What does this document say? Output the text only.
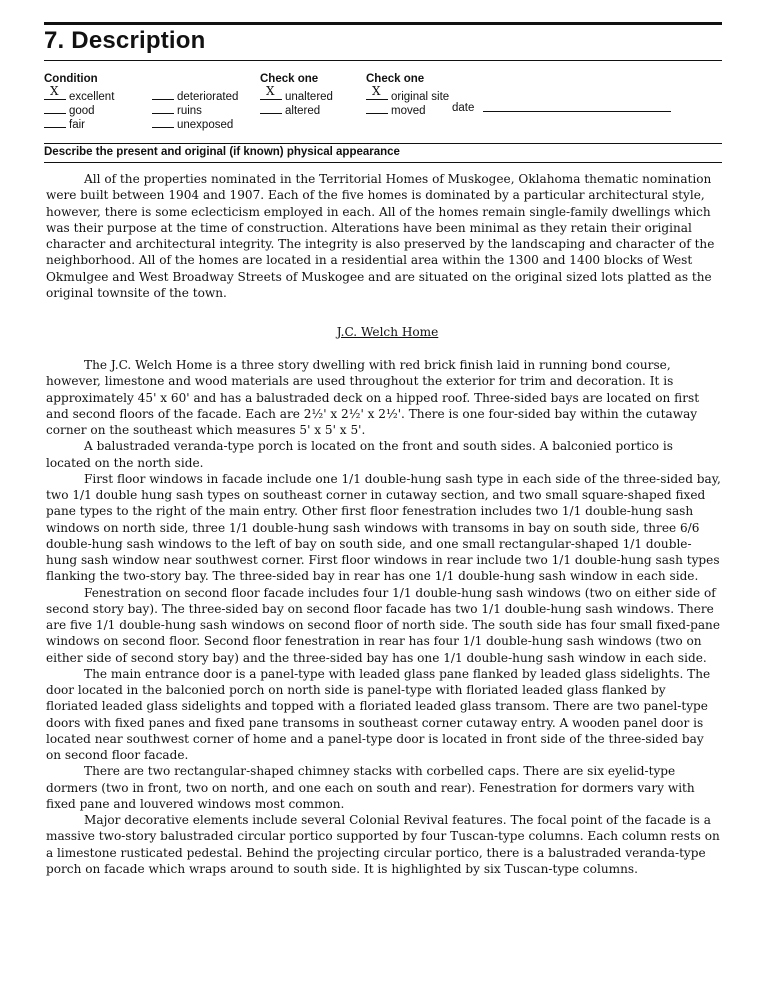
7. Description
Condition
X excellent
good
fair
deteriorated
ruins
unexposed
Check one
X unaltered
altered
Check one
X original site
moved date
Describe the present and original (if known) physical appearance

All of the properties nominated in the Territorial Homes of Muskogee, Oklahoma thematic nomination were built between 1904 and 1907. Each of the five homes is dominated by a particular architectural style, however, there is some eclecticism employed in each. All of the homes remain single-family dwellings which was their purpose at the time of construction. Alterations have been minimal as they retain their original character and architectural integrity. The integrity is also preserved by the landscaping and character of the neighborhood. All of the homes are located in a residential area within the 1300 and 1400 blocks of West Okmulgee and West Broadway Streets of Muskogee and are situated on the original sized lots platted as the original townsite of the town.

J.C. Welch Home

The J.C. Welch Home is a three story dwelling with red brick finish laid in running bond course, however, limestone and wood materials are used throughout the exterior for trim and decoration. It is approximately 45' x 60' and has a balustraded deck on a hipped roof. Three-sided bays are located on first and second floors of the facade. Each are 2½' x 2½' x 2½'. There is one four-sided bay within the cutaway corner on the southeast which measures 5' x 5' x 5'.

A balustraded veranda-type porch is located on the front and south sides. A balconied portico is located on the north side.

First floor windows in facade include one 1/1 double-hung sash type in each side of the three-sided bay, two 1/1 double hung sash types on southeast corner in cutaway section, and two small square-shaped fixed pane types to the right of the main entry. Other first floor fenestration includes two 1/1 double-hung sash windows on north side, three 1/1 double-hung sash windows with transoms in bay on south side, three 6/6 double-hung sash windows to the left of bay on south side, and one small rectangular-shaped 1/1 double-hung sash window near southwest corner. First floor windows in rear include two 1/1 double-hung sash types flanking the two-story bay. The three-sided bay in rear has one 1/1 double-hung sash window in each side.

Fenestration on second floor facade includes four 1/1 double-hung sash windows (two on either side of second story bay). The three-sided bay on second floor facade has two 1/1 double-hung sash windows. There are five 1/1 double-hung sash windows on second floor of north side. The south side has four small fixed-pane windows on second floor. Second floor fenestration in rear has four 1/1 double-hung sash windows (two on either side of second story bay) and the three-sided bay has one 1/1 double-hung sash window in each side.

The main entrance door is a panel-type with leaded glass pane flanked by leaded glass sidelights. The door located in the balconied porch on north side is panel-type with floriated leaded glass flanked by floriated leaded glass sidelights and topped with a floriated leaded glass transom. There are two panel-type doors with fixed panes and fixed pane transoms in southeast corner cutaway entry. A wooden panel door is located near southwest corner of home and a panel-type door is located in front side of the three-sided bay on second floor facade.

There are two rectangular-shaped chimney stacks with corbelled caps. There are six eyelid-type dormers (two in front, two on north, and one each on south and rear). Fenestration for dormers vary with fixed pane and louvered windows most common.

Major decorative elements include several Colonial Revival features. The focal point of the facade is a massive two-story balustraded circular portico supported by four Tuscan-type columns. Each column rests on a limestone rusticated pedestal. Behind the projecting circular portico, there is a balustraded veranda-type porch on facade which wraps around to south side. It is highlighted by six Tuscan-type columns.
